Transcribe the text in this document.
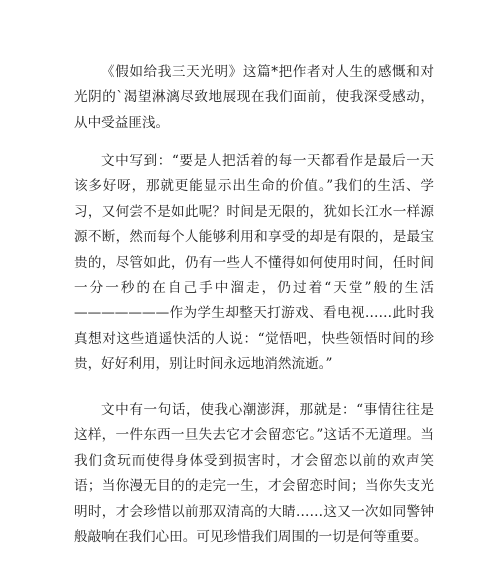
《假如给我三天光明》这篇*把作者对人生的感慨和对光阴的`渴望淋漓尽致地展现在我们面前，使我深受感动，从中受益匪浅。

文中写到：“要是人把活着的每一天都看作是最后一天该多好呀，那就更能显示出生命的价值。”我们的生活、学习，又何尝不是如此呢？时间是无限的，犹如长江水一样源源不断，然而每个人能够利用和享受的却是有限的，是最宝贵的，尽管如此，仍有一些人不懂得如何使用时间，任时间一分一秒的在自己手中溜走，仍过着“天堂”般的生活———————作为学生却整天打游戏、看电视……此时我真想对这些逍遥快活的人说：“觉悟吧，快些领悟时间的珍贵，好好利用，别让时间永远地消然流逝。”

文中有一句话，使我心潮澎湃，那就是：“事情往往是这样，一件东西一旦失去它才会留恋它。”这话不无道理。当我们贪玩而使得身体受到损害时，才会留恋以前的欢声笑语；当你漫无目的的走完一生，才会留恋时间；当你失支光明时，才会珍惜以前那双清高的大睛……这又一次如同警钟般敲响在我们心田。可见珍惜我们周围的一切是何等重要。
